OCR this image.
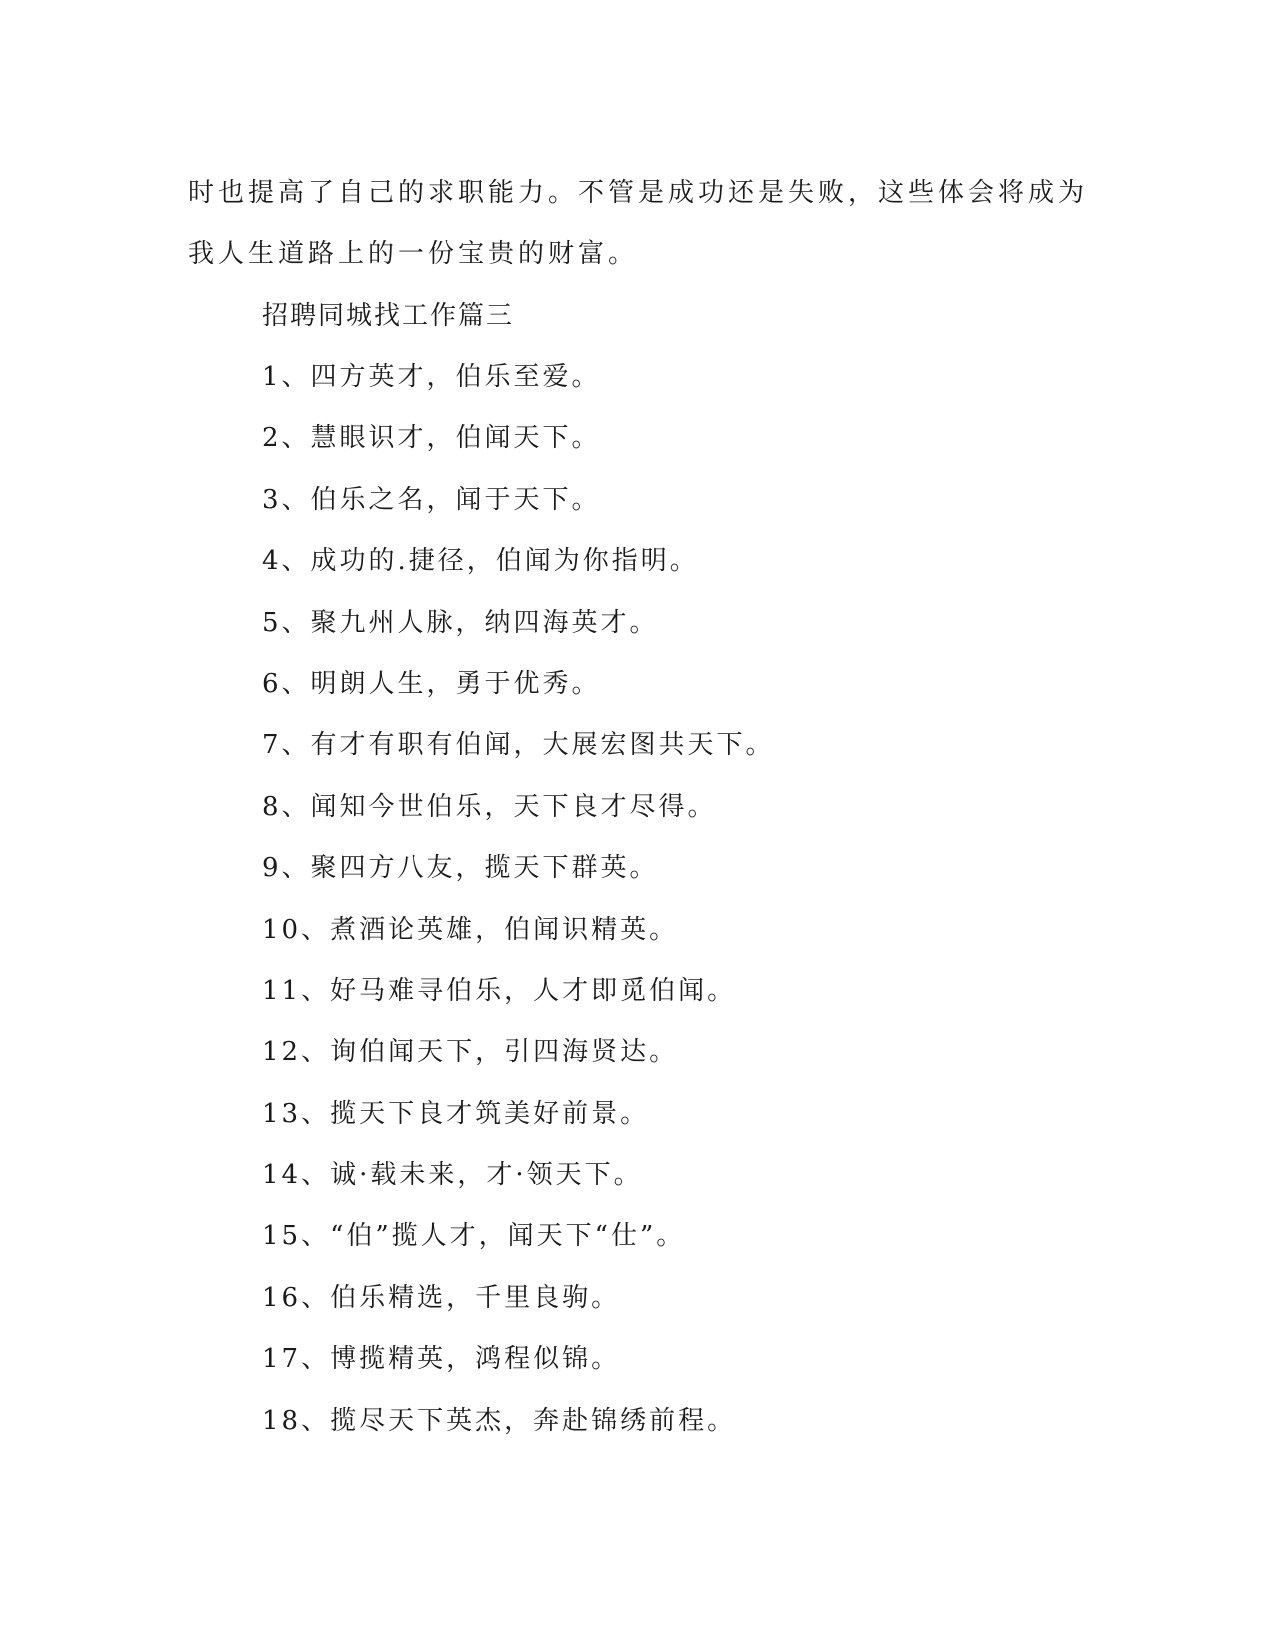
时也提高了自己的求职能力。不管是成功还是失败，这些体会将成为

我人生道路上的一份宝贵的财富。

招聘同城找工作篇三

1、四方英才，伯乐至爱。
2、慧眼识才，伯闻天下。
3、伯乐之名，闻于天下。
4、成功的.捷径，伯闻为你指明。
5、聚九州人脉，纳四海英才。
6、明朗人生，勇于优秀。
7、有才有职有伯闻，大展宏图共天下。
8、闻知今世伯乐，天下良才尽得。
9、聚四方八友，揽天下群英。
10、煮酒论英雄，伯闻识精英。
11、好马难寻伯乐，人才即觅伯闻。
12、询伯闻天下，引四海贤达。
13、揽天下良才筑美好前景。
14、诚·载未来，才·领天下。
15、“伯”揽人才，闻天下“仕”。
16、伯乐精选，千里良驹。
17、博揽精英，鸿程似锦。
18、揽尽天下英杰，奔赴锦绣前程。
